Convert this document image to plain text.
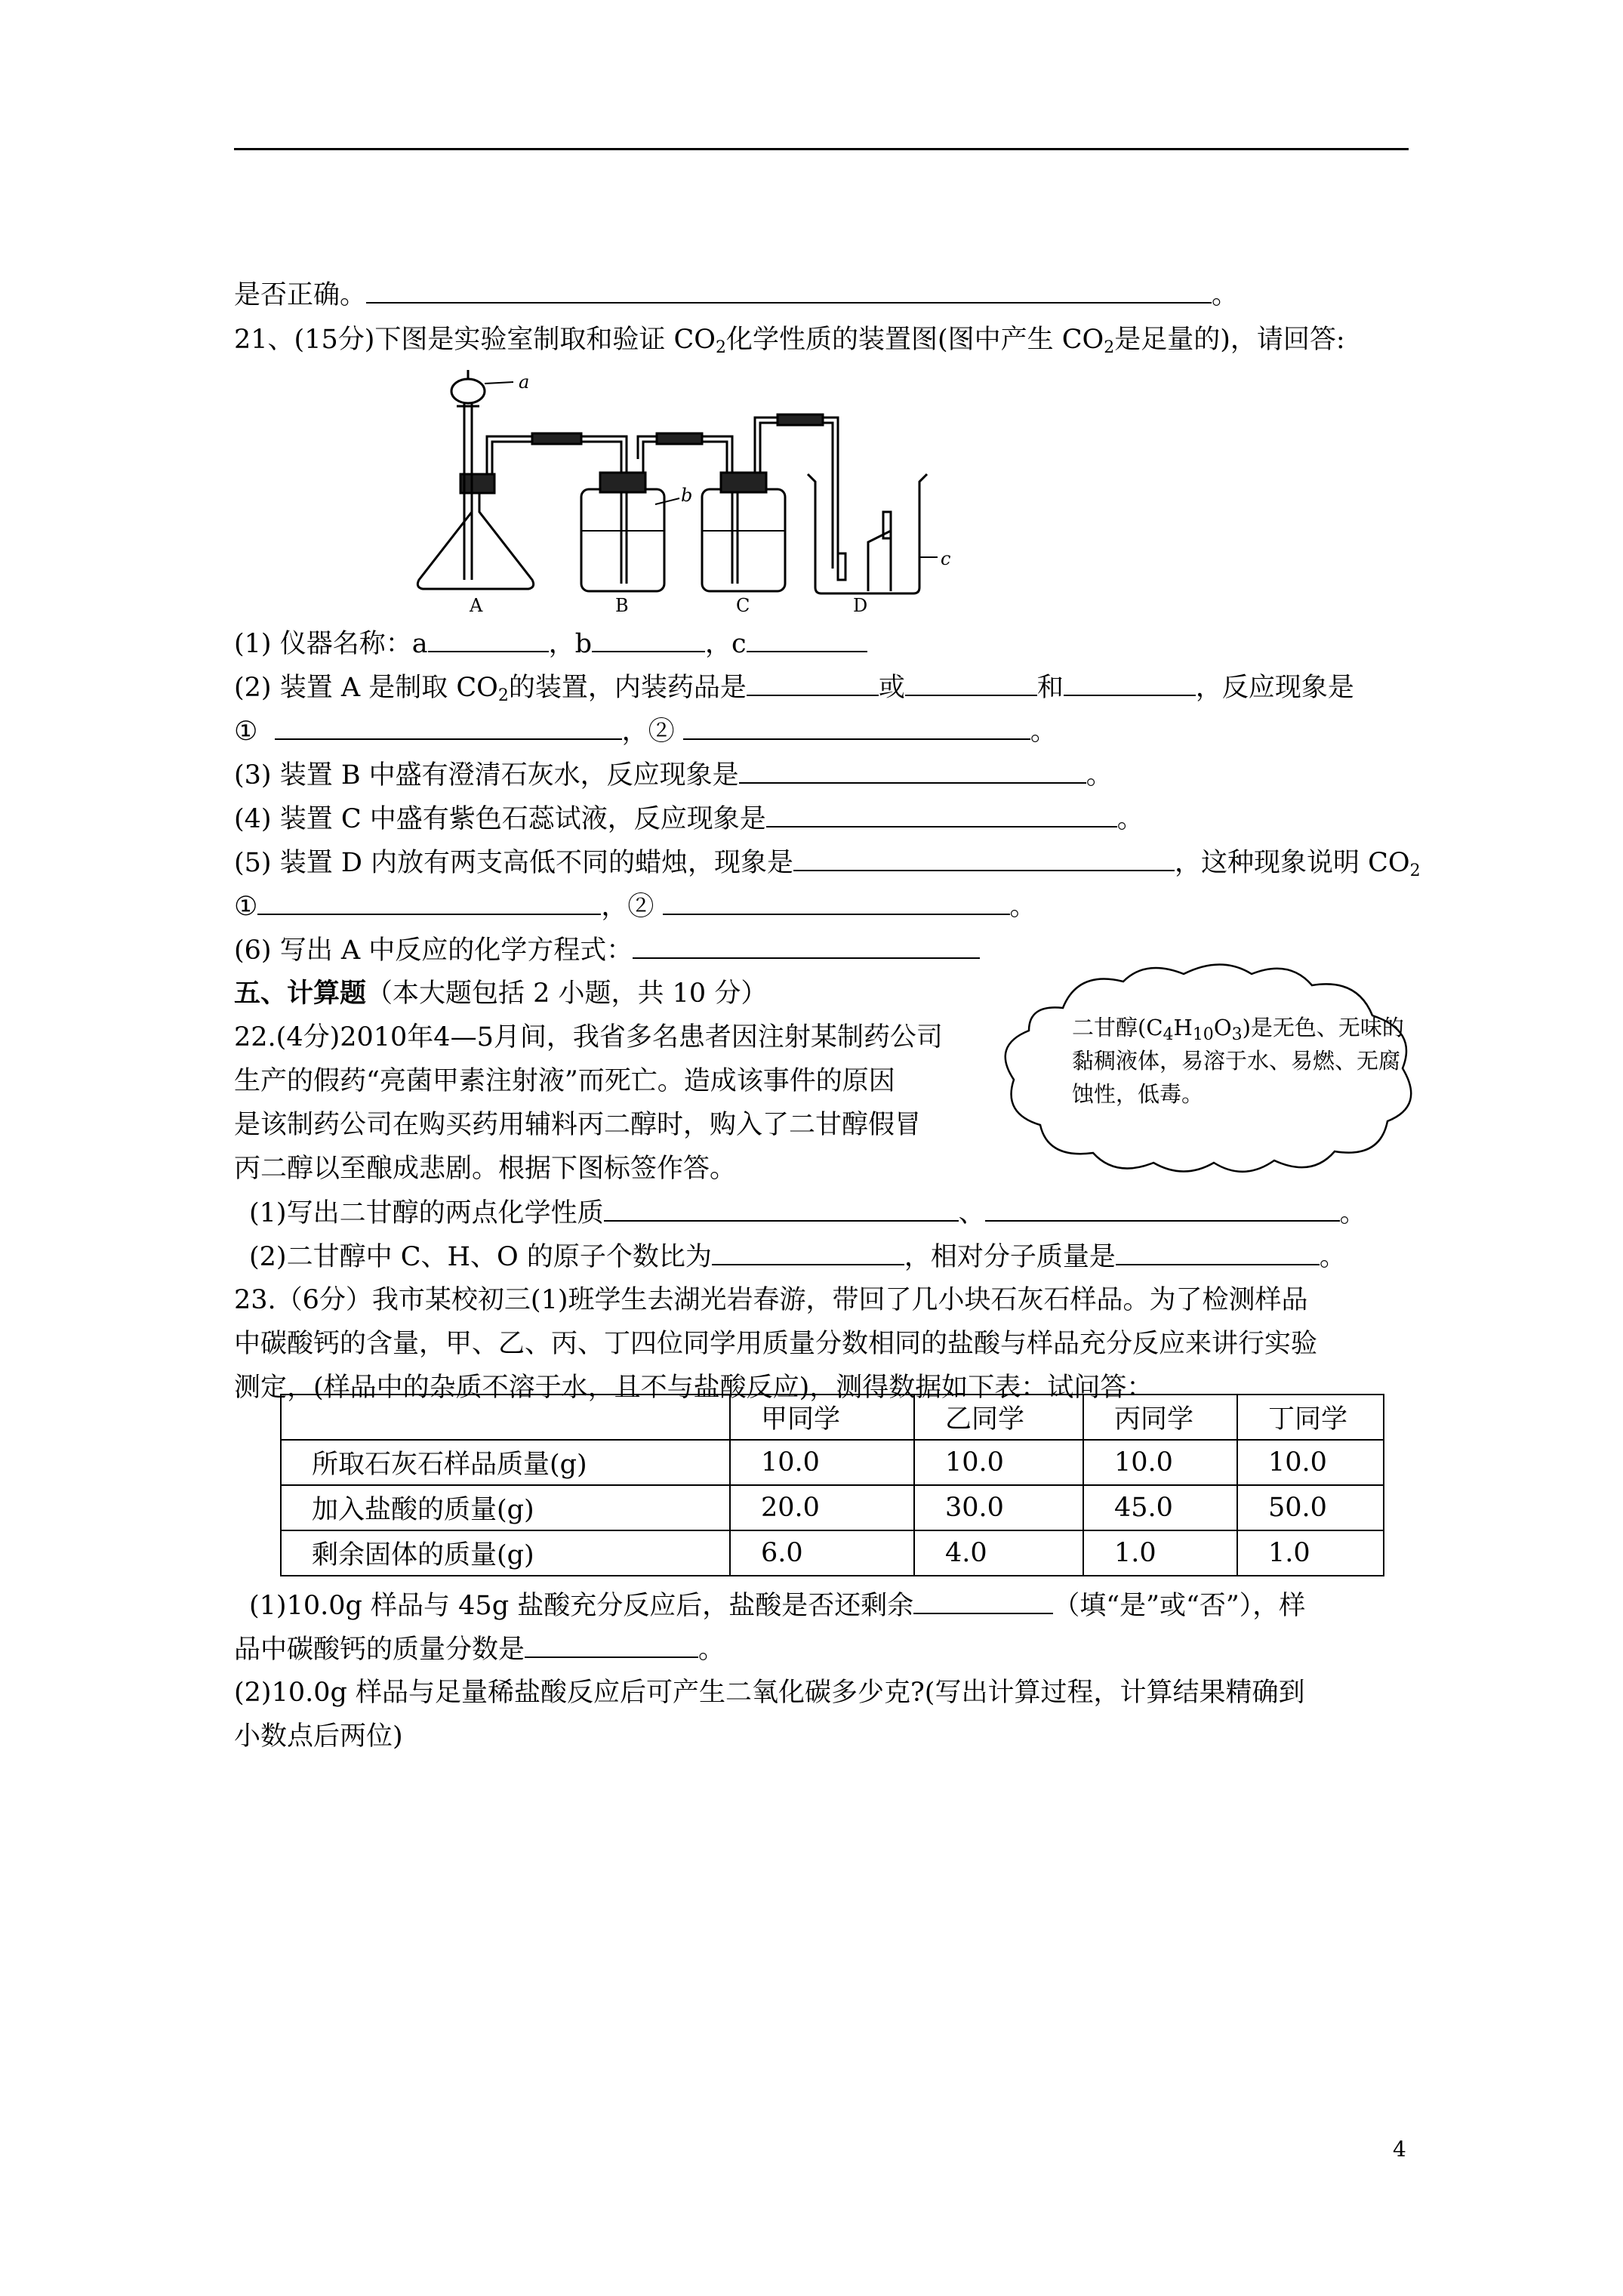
是否正确。	。
21、(15分)下图是实验室制取和验证 $CO_2$化学性质的装置图(图中产生 $CO_2$是足量的)，请回答:
a
b
c
A	B	C	D
(1) 仪器名称：a	，b	，c
(2) 装置 A 是制取 $CO_2$的装置，内装药品是	或	和	，反应现象是
①	，②	。
(3) 装置 B 中盛有澄清石灰水，反应现象是	。
(4) 装置 C 中盛有紫色石蕊试液，反应现象是	。
(5) 装置 D 内放有两支高低不同的蜡烛，现象是	，这种现象说明 $CO_2$
①	，②	。
(6) 写出 A 中反应的化学方程式：
五、计算题（本大题包括 2 小题，共 10 分）
22.(4分)2010年4—5月间，我省多名患者因注射某制药公司
生产的假药“亮菌甲素注射液”而死亡。造成该事件的原因
是该制药公司在购买药用辅料丙二醇时，购入了二甘醇假冒
丙二醇以至酿成悲剧。根据下图标签作答。
二甘醇$(C_4H_{10}O_3)$是无色、无味的
黏稠液体，易溶于水、易燃、无腐
蚀性，低毒。
(1)写出二甘醇的两点化学性质	、	。
(2)二甘醇中 C、H、O 的原子个数比为	，相对分子质量是	。
23.（6分）我市某校初三(1)班学生去湖光岩春游，带回了几小块石灰石样品。为了检测样品
中碳酸钙的含量，甲、乙、丙、丁四位同学用质量分数相同的盐酸与样品充分反应来讲行实验
测定，(样品中的杂质不溶于水，且不与盐酸反应)，测得数据如下表：试问答：
	甲同学	乙同学	丙同学	丁同学
所取石灰石样品质量(g)	10.0	10.0	10.0	10.0
加入盐酸的质量(g)	20.0	30.0	45.0	50.0
剩余固体的质量(g)	6.0	4.0	1.0	1.0
(1)10.0g 样品与 45g 盐酸充分反应后，盐酸是否还剩余	（填“是”或“否”），样
品中碳酸钙的质量分数是	。
(2)10.0g 样品与足量稀盐酸反应后可产生二氧化碳多少克?(写出计算过程，计算结果精确到
小数点后两位)
4
